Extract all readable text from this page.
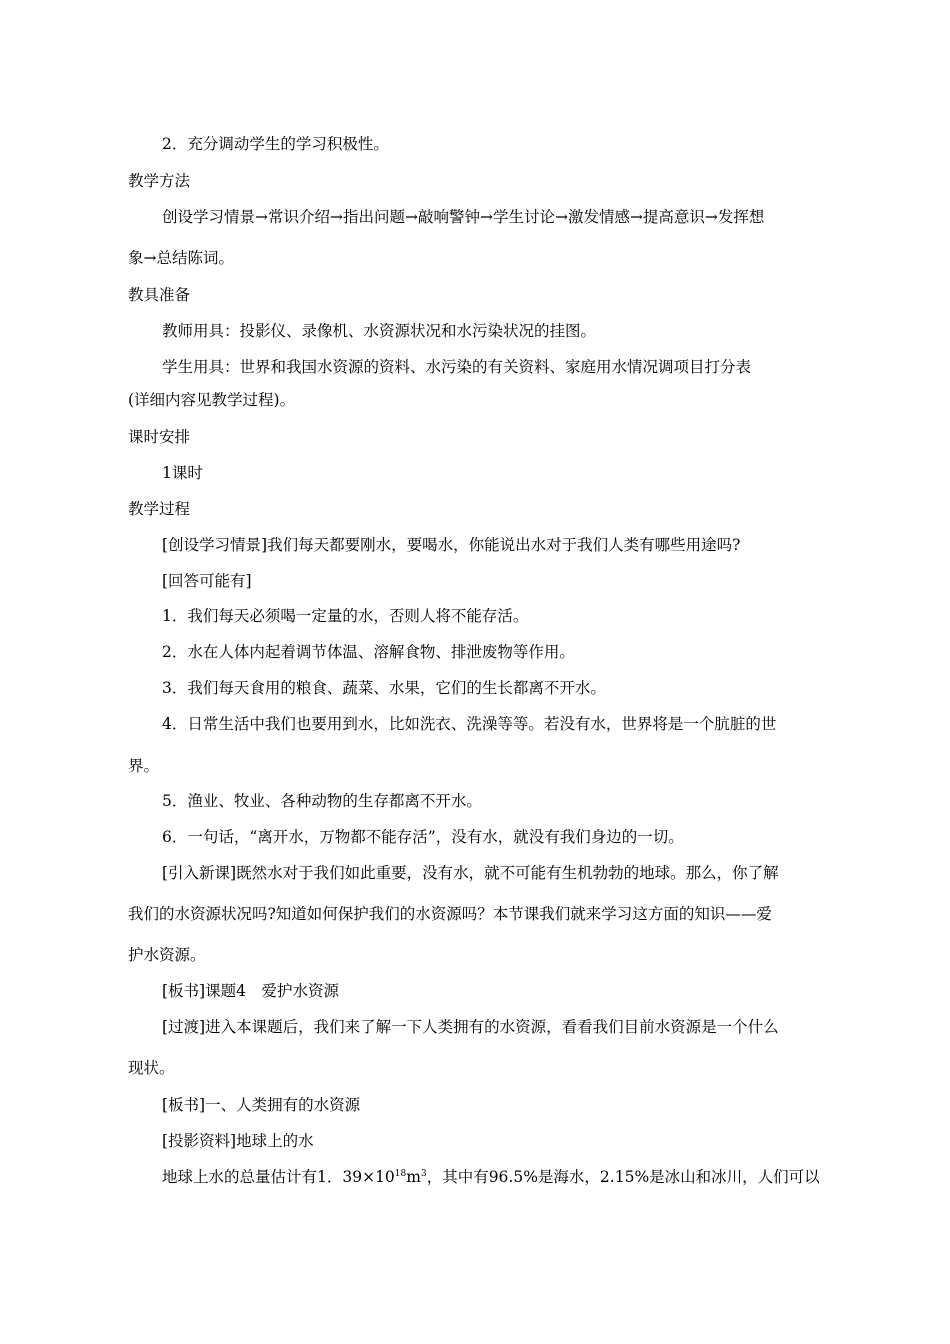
2．充分调动学生的学习积极性。
教学方法
创设学习情景→常识介绍→指出问题→敲响警钟→学生讨论→激发情感→提高意识→发挥想
象→总结陈词。
教具准备
教师用具：投影仪、录像机、水资源状况和水污染状况的挂图。
学生用具：世界和我国水资源的资料、水污染的有关资料、家庭用水情况调项目打分表
(详细内容见教学过程)。
课时安排
1课时
教学过程
[创设学习情景]我们每天都要刚水，要喝水，你能说出水对于我们人类有哪些用途吗?
[回答可能有]
1．我们每天必须喝一定量的水，否则人将不能存活。
2．水在人体内起着调节体温、溶解食物、排泄废物等作用。
3．我们每天食用的粮食、蔬菜、水果，它们的生长都离不开水。
4．日常生活中我们也要用到水，比如洗衣、洗澡等等。若没有水，世界将是一个肮脏的世
界。
5．渔业、牧业、各种动物的生存都离不开水。
6．一句话，“离开水，万物都不能存活”，没有水，就没有我们身边的一切。
[引入新课]既然水对于我们如此重要，没有水，就不可能有生机勃勃的地球。那么，你了解
我们的水资源状况吗?知道如何保护我们的水资源吗？本节课我们就来学习这方面的知识——爱
护水资源。
[板书]课题4　爱护水资源
[过渡]进入本课题后，我们来了解一下人类拥有的水资源，看看我们目前水资源是一个什么
现状。
[板书]一、人类拥有的水资源
[投影资料]地球上的水
地球上水的总量估计有1．$39\times 10^{18}m^3$，其中有96.5%是海水，2.15%是冰山和冰川，人们可以
